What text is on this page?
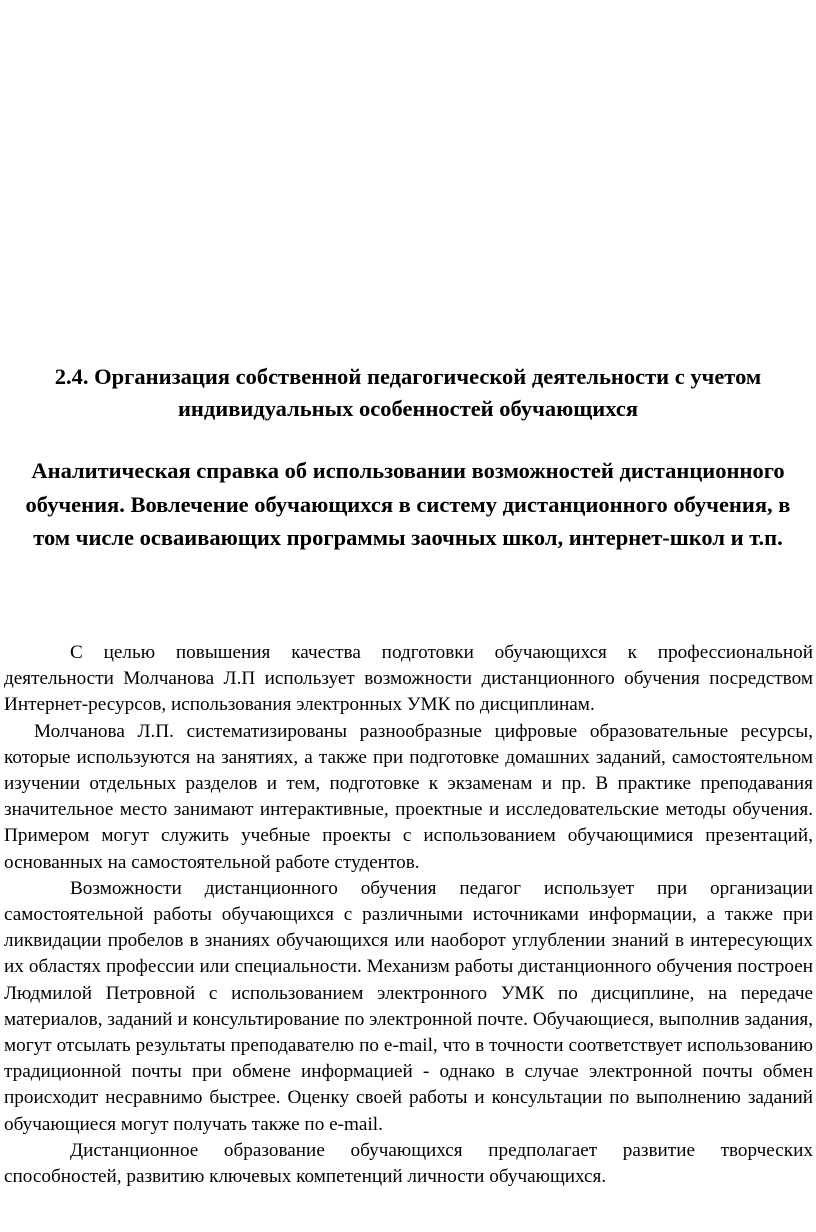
2.4. Организация собственной педагогической деятельности с учетом индивидуальных особенностей обучающихся
Аналитическая справка об использовании возможностей дистанционного обучения. Вовлечение обучающихся в систему дистанционного обучения, в том числе осваивающих программы заочных школ, интернет-школ и т.п.

С целью повышения качества подготовки обучающихся к профессиональной деятельности Молчанова Л.П использует возможности дистанционного обучения посредством Интернет-ресурсов, использования электронных УМК по дисциплинам.

Молчанова Л.П. систематизированы разнообразные цифровые образовательные ресурсы, которые используются на занятиях, а также при подготовке домашних заданий, самостоятельном изучении отдельных разделов и тем, подготовке к экзаменам и пр. В практике преподавания значительное место занимают интерактивные, проектные и исследовательские методы обучения. Примером могут служить учебные проекты с использованием обучающимися презентаций, основанных на самостоятельной работе студентов.

Возможности дистанционного обучения педагог использует при организации самостоятельной работы обучающихся с различными источниками информации, а также при ликвидации пробелов в знаниях обучающихся или наоборот углублении знаний в интересующих их областях профессии или специальности. Механизм работы дистанционного обучения построен Людмилой Петровной с использованием электронного УМК по дисциплине, на передаче материалов, заданий и консультирование по электронной почте. Обучающиеся, выполнив задания, могут отсылать результаты преподавателю по e-mail, что в точности соответствует использованию традиционной почты при обмене информацией - однако в случае электронной почты обмен происходит несравнимо быстрее. Оценку своей работы и консультации по выполнению заданий обучающиеся могут получать также по e-mail.

Дистанционное образование обучающихся предполагает развитие творческих способностей, развитию ключевых компетенций личности обучающихся.
